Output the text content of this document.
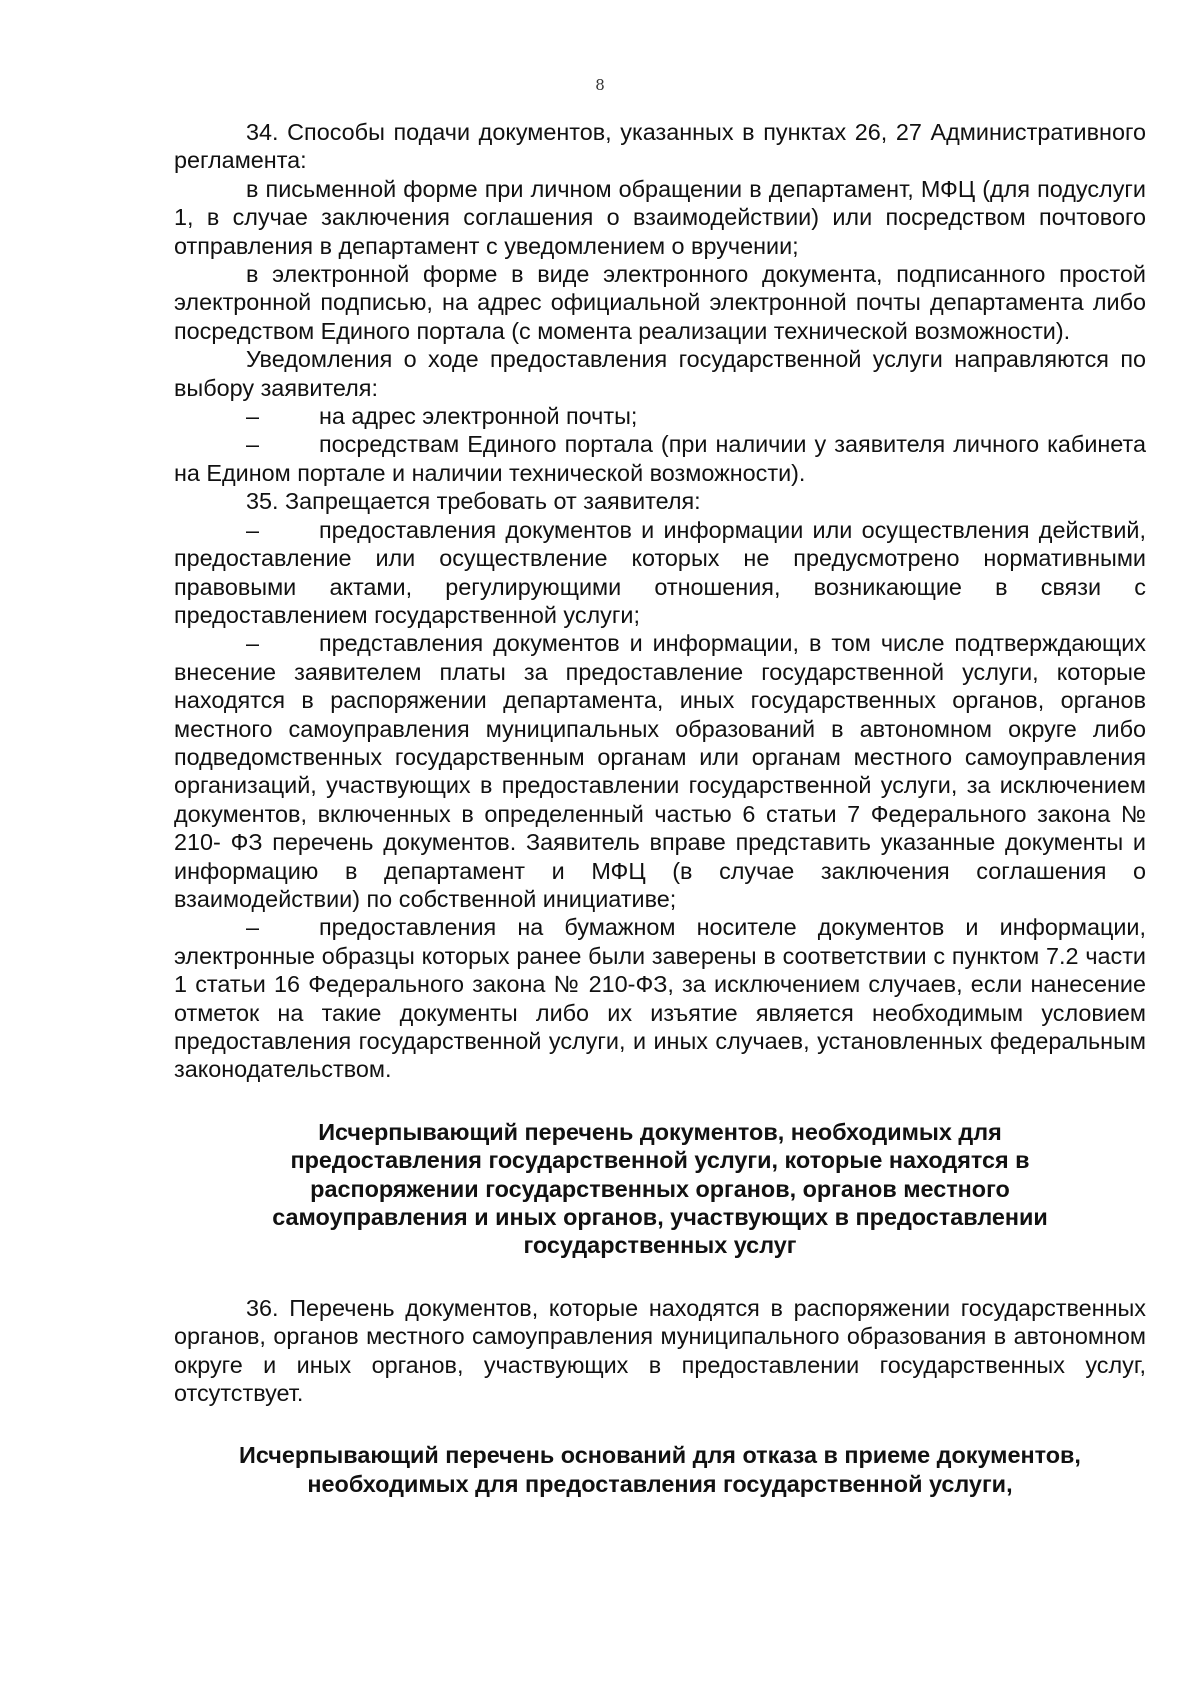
8

34. Способы подачи документов, указанных в пунктах 26, 27 Административного регламента:

в письменной форме при личном обращении в департамент, МФЦ (для подуслуги 1, в случае заключения соглашения о взаимодействии) или посредством почтового отправления в департамент с уведомлением о вручении;

в электронной форме в виде электронного документа, подписанного простой электронной подписью, на адрес официальной электронной почты департамента либо посредством Единого портала (с момента реализации технической возможности).

Уведомления о ходе предоставления государственной услуги направляются по выбору заявителя:

–	на адрес электронной почты;

–	посредствам Единого портала (при наличии у заявителя личного кабинета на Едином портале и наличии технической возможности).

35. Запрещается требовать от заявителя:

–	предоставления документов и информации или осуществления действий, предоставление или осуществление которых не предусмотрено нормативными правовыми актами, регулирующими отношения, возникающие в связи с предоставлением государственной услуги;

–	представления документов и информации, в том числе подтверждающих внесение заявителем платы за предоставление государственной услуги, которые находятся в распоряжении департамента, иных государственных органов, органов местного самоуправления муниципальных образований в автономном округе либо подведомственных государственным органам или органам местного самоуправления организаций, участвующих в предоставлении государственной услуги, за исключением документов, включенных в определенный частью 6 статьи 7 Федерального закона № 210- ФЗ перечень документов. Заявитель вправе представить указанные документы и информацию в департамент и МФЦ (в случае заключения соглашения о взаимодействии) по собственной инициативе;

–	предоставления на бумажном носителе документов и информации, электронные образцы которых ранее были заверены в соответствии с пунктом 7.2 части 1 статьи 16 Федерального закона № 210-ФЗ, за исключением случаев, если нанесение отметок на такие документы либо их изъятие является необходимым условием предоставления государственной услуги, и иных случаев, установленных федеральным законодательством.

Исчерпывающий перечень документов, необходимых для
предоставления государственной услуги, которые находятся в
распоряжении государственных органов, органов местного
самоуправления и иных органов, участвующих в предоставлении
государственных услуг

36. Перечень документов, которые находятся в распоряжении государственных органов, органов местного самоуправления муниципального образования в автономном округе и иных органов, участвующих в предоставлении государственных услуг, отсутствует.

Исчерпывающий перечень оснований для отказа в приеме документов,
необходимых для предоставления государственной услуги,
